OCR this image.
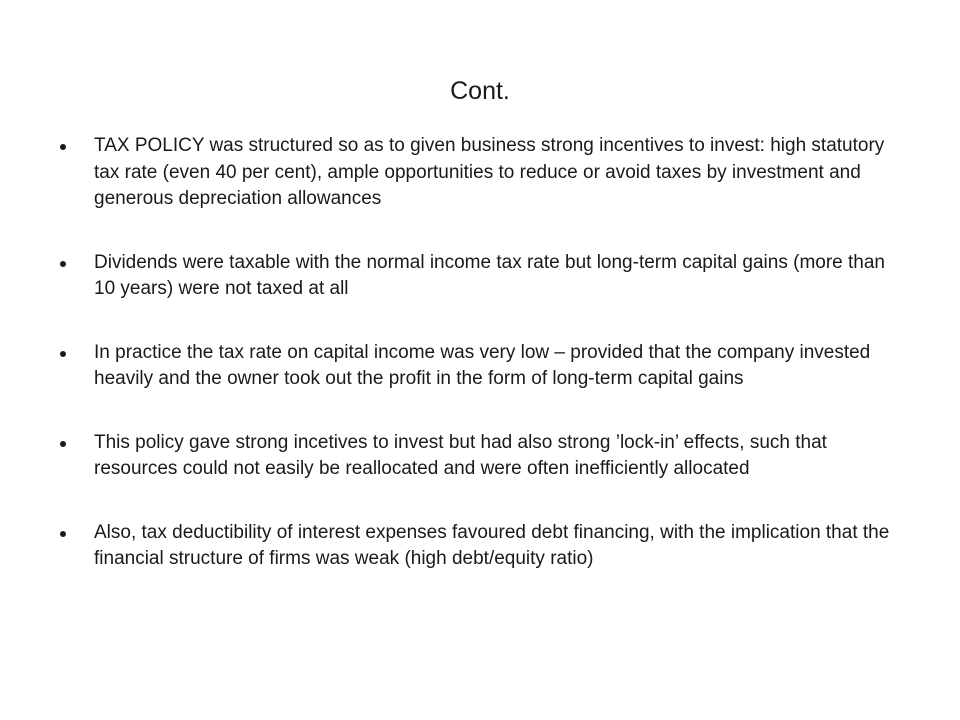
Cont.
TAX POLICY was structured so as to given business strong incentives to invest: high statutory tax rate (even 40 per cent), ample opportunities to reduce or avoid taxes by investment and generous depreciation allowances
Dividends were taxable with the normal income tax rate but long-term capital gains (more than 10 years) were not taxed at all
In practice the tax rate on capital income was very low – provided that the company invested heavily and the owner took out the profit in the form of long-term capital gains
This policy gave strong incetives to invest but had also strong ’lock-in’ effects, such that resources could not easily be reallocated and were often inefficiently allocated
Also, tax deductibility of interest expenses favoured debt financing, with the implication that the financial structure of firms was weak (high debt/equity ratio)
